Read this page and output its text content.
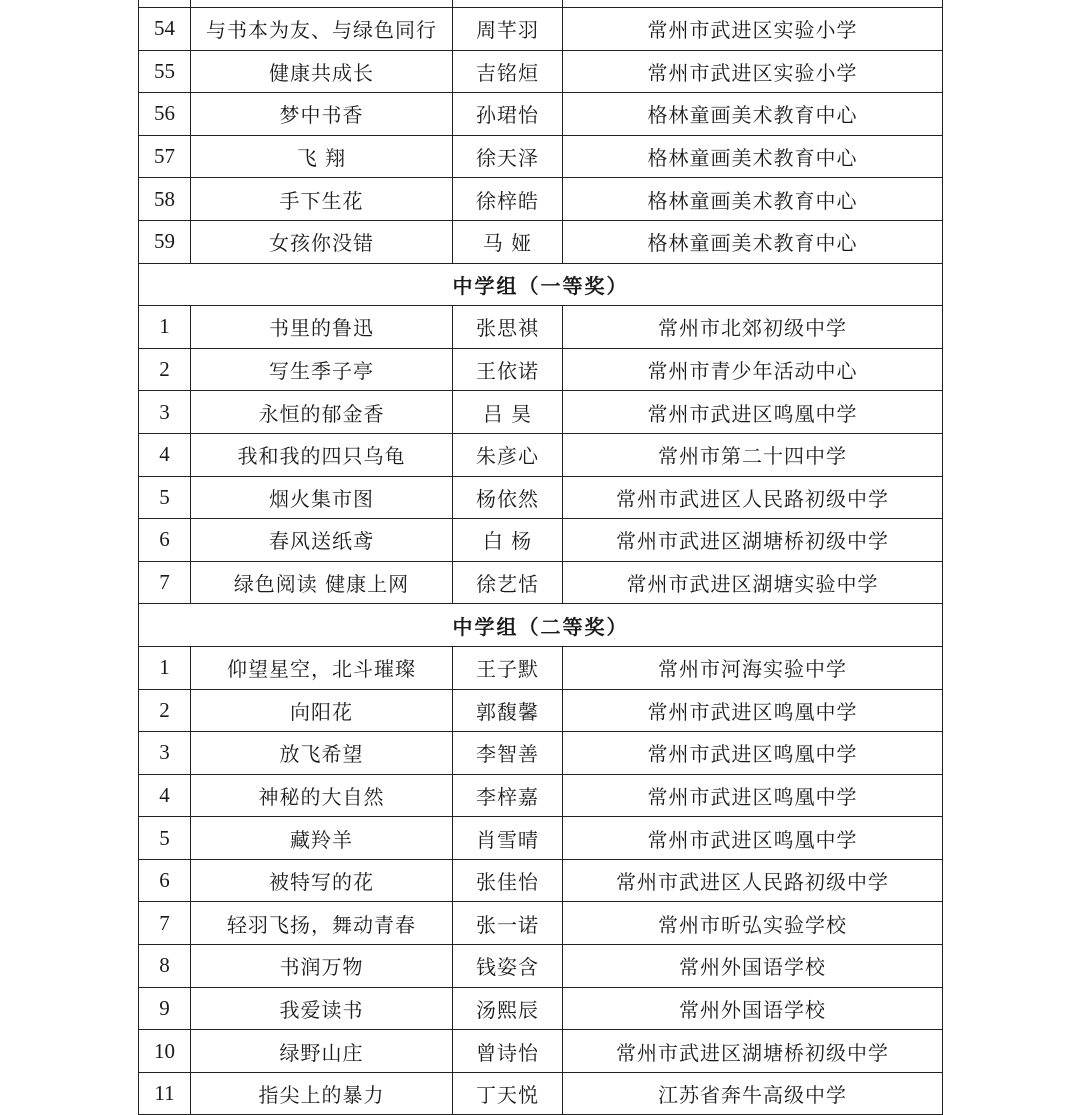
54	与书本为友、与绿色同行	周芊羽	常州市武进区实验小学
55	健康共成长	吉铭烜	常州市武进区实验小学
56	梦中书香	孙珺怡	格林童画美术教育中心
57	飞 翔	徐天泽	格林童画美术教育中心
58	手下生花	徐梓皓	格林童画美术教育中心
59	女孩你没错	马 娅	格林童画美术教育中心
中学组（一等奖）			
1	书里的鲁迅	张思祺	常州市北郊初级中学
2	写生季子亭	王依诺	常州市青少年活动中心
3	永恒的郁金香	吕 昊	常州市武进区鸣凰中学
4	我和我的四只乌龟	朱彦心	常州市第二十四中学
5	烟火集市图	杨依然	常州市武进区人民路初级中学
6	春风送纸鸢	白 杨	常州市武进区湖塘桥初级中学
7	绿色阅读 健康上网	徐艺恬	常州市武进区湖塘实验中学
中学组（二等奖）			
1	仰望星空，北斗璀璨	王子默	常州市河海实验中学
2	向阳花	郭馥馨	常州市武进区鸣凰中学
3	放飞希望	李智善	常州市武进区鸣凰中学
4	神秘的大自然	李梓嘉	常州市武进区鸣凰中学
5	藏羚羊	肖雪晴	常州市武进区鸣凰中学
6	被特写的花	张佳怡	常州市武进区人民路初级中学
7	轻羽飞扬，舞动青春	张一诺	常州市昕弘实验学校
8	书润万物	钱姿含	常州外国语学校
9	我爱读书	汤熙辰	常州外国语学校
10	绿野山庄	曾诗怡	常州市武进区湖塘桥初级中学
11	指尖上的暴力	丁天悦	江苏省奔牛高级中学
